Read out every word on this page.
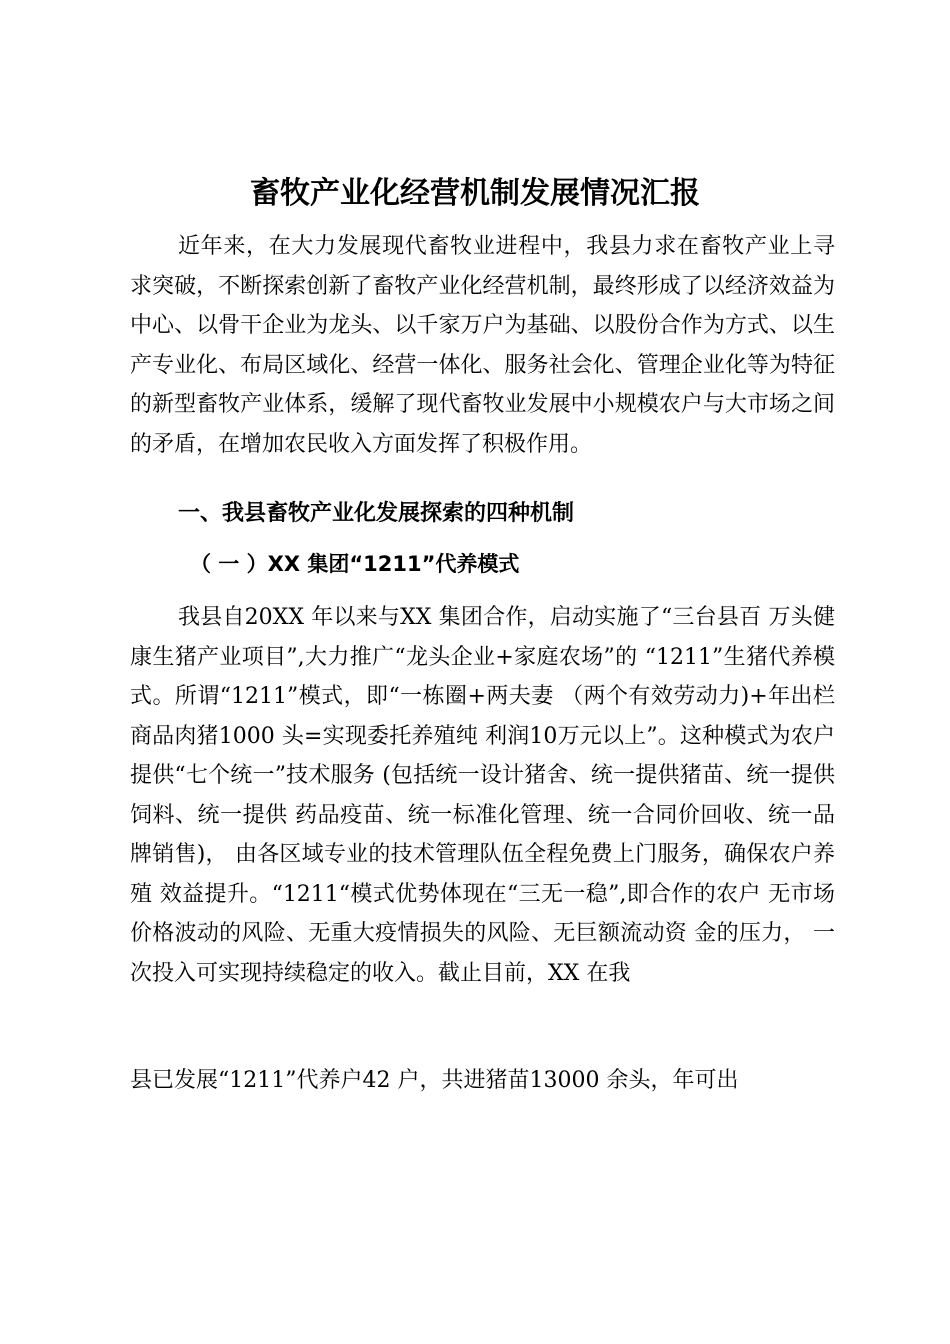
畜牧产业化经营机制发展情况汇报
近年来，在大力发展现代畜牧业进程中，我县力求在畜牧产业上寻求突破，不断探索创新了畜牧产业化经营机制，最终形成了以经济效益为中心、以骨干企业为龙头、以千家万户为基础、以股份合作为方式、以生产专业化、布局区域化、经营一体化、服务社会化、管理企业化等为特征的新型畜牧产业体系，缓解了现代畜牧业发展中小规模农户与大市场之间的矛盾，在增加农民收入方面发挥了积极作用。
一、我县畜牧产业化发展探索的四种机制
（ 一 ）XX 集团“1211”代养模式
我县自20XX 年以来与XX 集团合作，启动实施了“三台县百 万头健康生猪产业项目”,大力推广“龙头企业+家庭农场”的 “1211”生猪代养模式。所谓“1211”模式，即“一栋圈+两夫妻 （两个有效劳动力)+年出栏商品肉猪1000 头=实现委托养殖纯 利润10万元以上”。这种模式为农户提供“七个统一”技术服务 (包括统一设计猪舍、统一提供猪苗、统一提供饲料、统一提供 药品疫苗、统一标准化管理、统一合同价回收、统一品牌销售)， 由各区域专业的技术管理队伍全程免费上门服务，确保农户养殖 效益提升。“1211“模式优势体现在“三无一稳”,即合作的农户 无市场价格波动的风险、无重大疫情损失的风险、无巨额流动资 金的压力， 一次投入可实现持续稳定的收入。截止目前，XX 在我
县已发展“1211”代养户42 户，共进猪苗13000 余头，年可出
